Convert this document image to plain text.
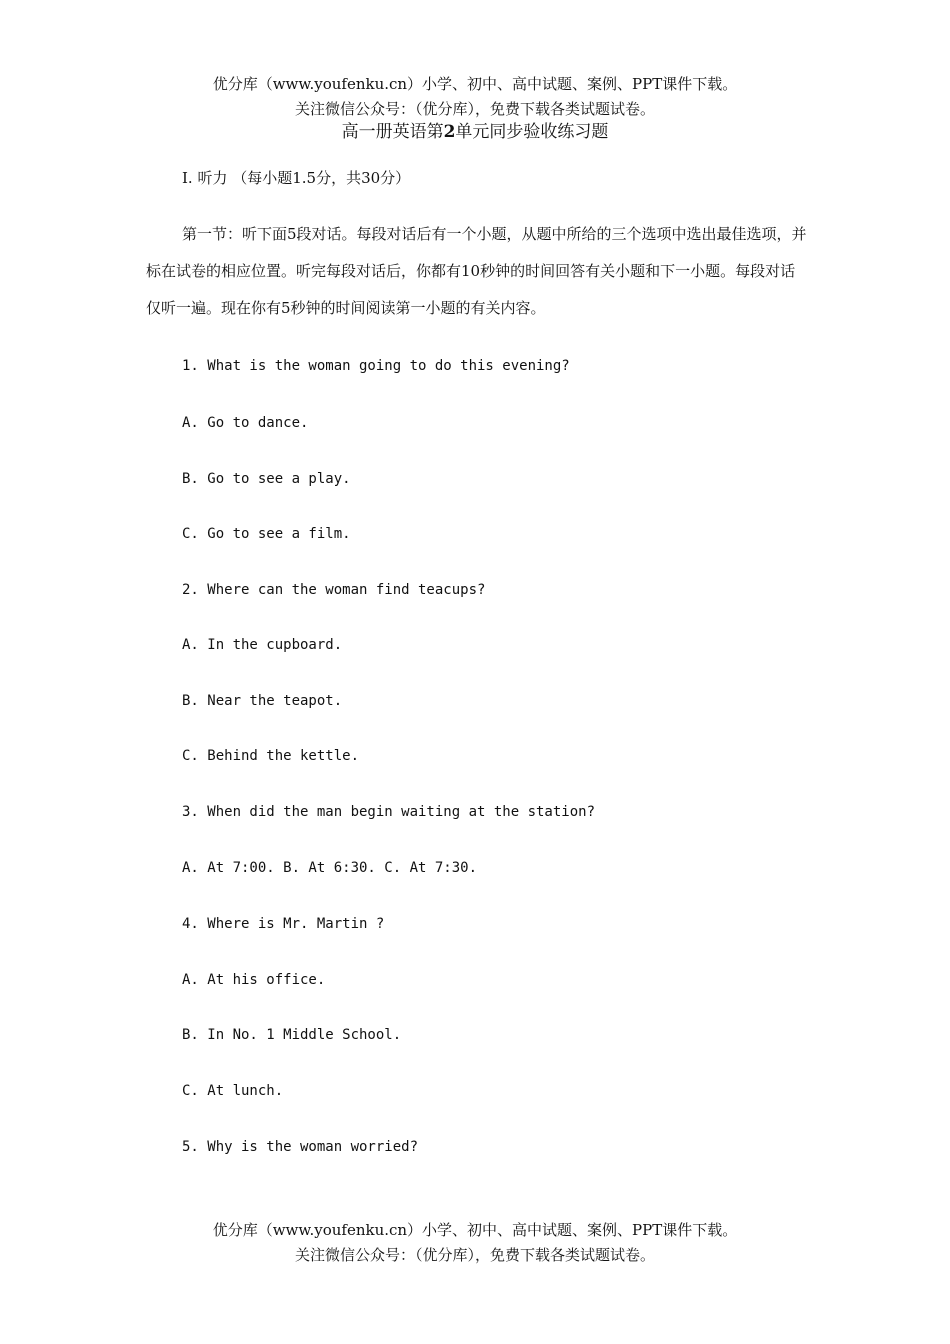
优分库（www.youfenku.cn）小学、初中、高中试题、案例、PPT课件下载。
关注微信公众号：（优分库），免费下载各类试题试卷。
高一册英语第2单元同步验收练习题
I. 听力 （每小题1.5分，共30分）
第一节：听下面5段对话。每段对话后有一个小题，从题中所给的三个选项中选出最佳选项，并标在试卷的相应位置。听完每段对话后，你都有10秒钟的时间回答有关小题和下一小题。每段对话仅听一遍。现在你有5秒钟的时间阅读第一小题的有关内容。
1. What is the woman going to do this evening?
A. Go to dance.
B. Go to see a play.
C. Go to see a film.
2. Where can the woman find teacups?
A. In the cupboard.
B. Near the teapot.
C. Behind the kettle.
3. When did the man begin waiting at the station?
A. At 7:00. B. At 6:30. C. At 7:30.
4. Where is Mr. Martin ?
A. At his office.
B. In No. 1 Middle School.
C. At lunch.
5. Why is the woman worried?
优分库（www.youfenku.cn）小学、初中、高中试题、案例、PPT课件下载。
关注微信公众号：（优分库），免费下载各类试题试卷。
